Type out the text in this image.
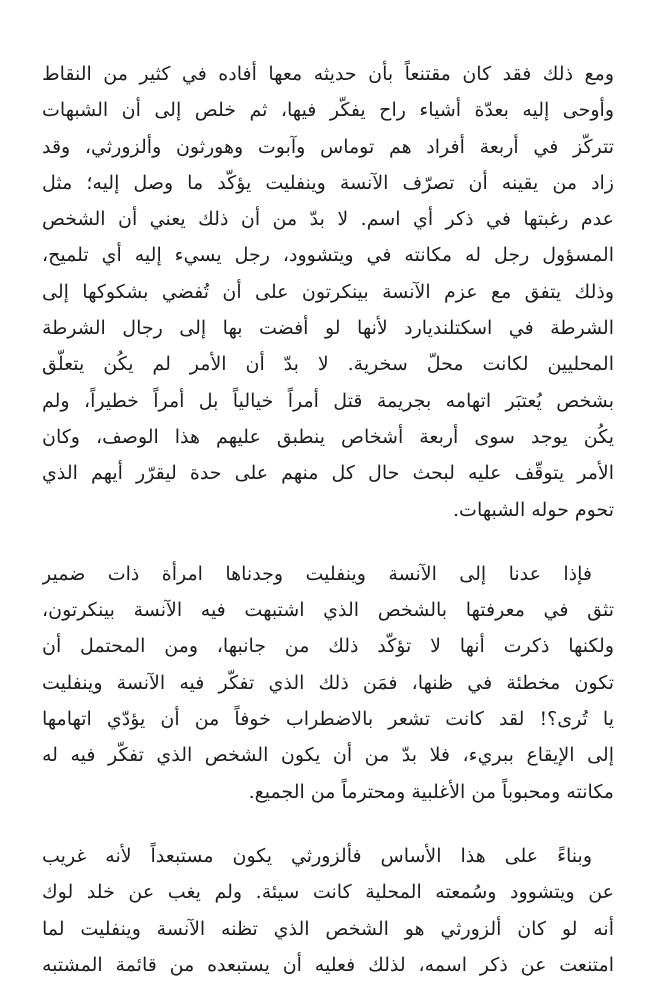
ومع ذلك فقد كان مقتنعاً بأن حديثه معها أفاده في كثير من النقاط
وأوحى إليه بعدّة أشياء راح يفكّر فيها، ثم خلص إلى أن الشبهات
تتركّز في أربعة أفراد هم توماس وآبوت وهورثون وألزورثي، وقد
زاد من يقينه أن تصرّف الآنسة وينفليت يؤكّد ما وصل إليه؛ مثل
عدم رغبتها في ذكر أي اسم. لا بدّ من أن ذلك يعني أن الشخص
المسؤول رجل له مكانته في ويتشوود، رجل يسيء إليه أي تلميح،
وذلك يتفق مع عزم الآنسة بينكرتون على أن تُفضي بشكوكها إلى
الشرطة في اسكتلنديارد لأنها لو أفضت بها إلى رجال الشرطة
المحليين لكانت محلّ سخرية. لا بدّ أن الأمر لم يكُن يتعلّق
بشخص يُعتبَر اتهامه بجريمة قتل أمراً خيالياً بل أمراً خطيراً، ولم
يكُن يوجد سوى أربعة أشخاص ينطبق عليهم هذا الوصف، وكان
الأمر يتوقّف عليه لبحث حال كل منهم على حدة ليقرّر أيهم الذي
تحوم حوله الشبهات.
فإذا عدنا إلى الآنسة وينفليت وجدناها امرأة ذات ضمير
تثق في معرفتها بالشخص الذي اشتبهت فيه الآنسة بينكرتون،
ولكنها ذكرت أنها لا تؤكّد ذلك من جانبها، ومن المحتمل أن
تكون مخطئة في ظنها، فمَن ذلك الذي تفكّر فيه الآنسة وينفليت
يا تُرى؟! لقد كانت تشعر بالاضطراب خوفاً من أن يؤدّي اتهامها
إلى الإيقاع ببريء، فلا بدّ من أن يكون الشخص الذي تفكّر فيه له
مكانته ومحبوباً من الأغلبية ومحترماً من الجميع.
وبناءً على هذا الأساس فألزورثي يكون مستبعداً لأنه غريب
عن ويتشوود وسُمعته المحلية كانت سيئة. ولم يغب عن خلد لوك
أنه لو كان ألزورثي هو الشخص الذي تظنه الآنسة وينفليت لما
امتنعت عن ذكر اسمه، لذلك فعليه أن يستبعده من قائمة المشتبه
